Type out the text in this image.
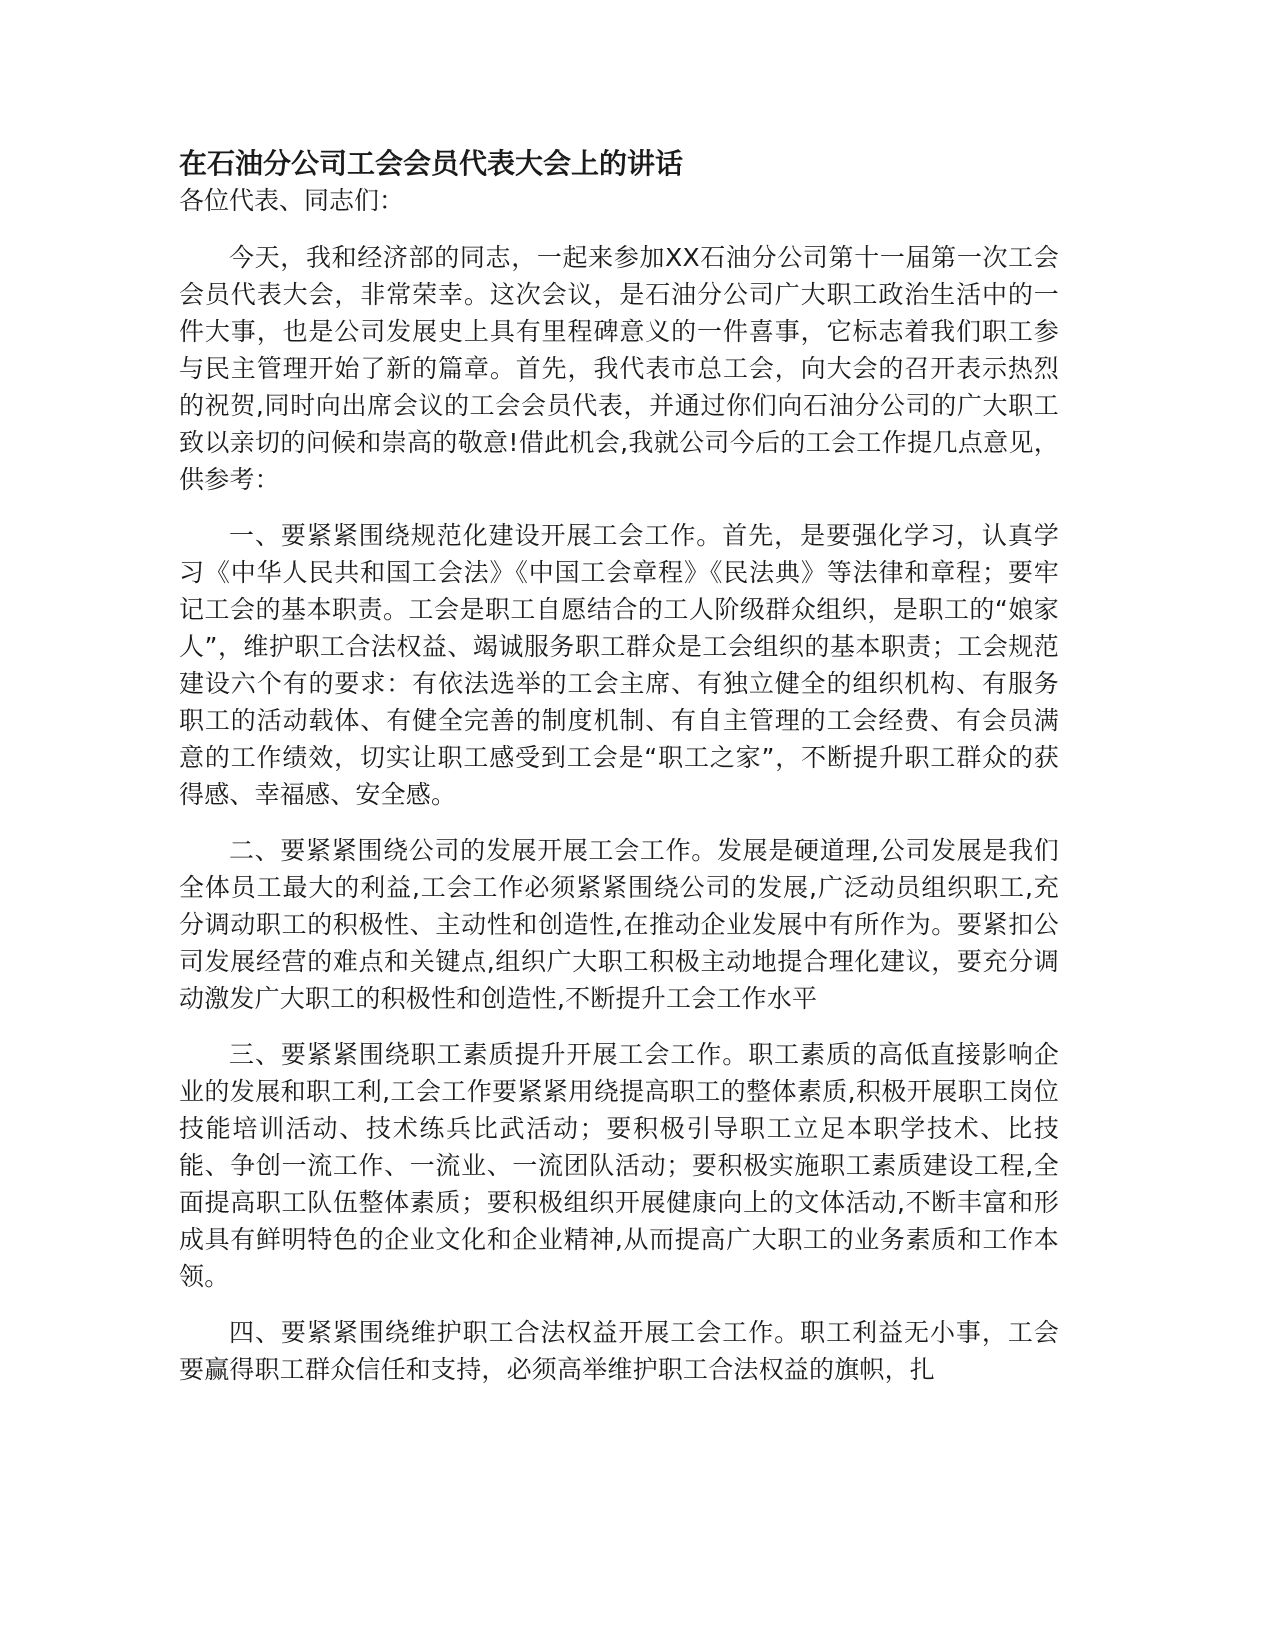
在石油分公司工会会员代表大会上的讲话

各位代表、同志们：

今天，我和经济部的同志，一起来参加XX石油分公司第十一届第一次工会会员代表大会，非常荣幸。这次会议，是石油分公司广大职工政治生活中的一件大事，也是公司发展史上具有里程碑意义的一件喜事，它标志着我们职工参与民主管理开始了新的篇章。首先，我代表市总工会，向大会的召开表示热烈的祝贺,同时向出席会议的工会会员代表，并通过你们向石油分公司的广大职工致以亲切的问候和崇高的敬意!借此机会,我就公司今后的工会工作提几点意见，供参考：

一、要紧紧围绕规范化建设开展工会工作。首先，是要强化学习，认真学习《中华人民共和国工会法》《中国工会章程》《民法典》等法律和章程；要牢记工会的基本职责。工会是职工自愿结合的工人阶级群众组织，是职工的“娘家人”，维护职工合法权益、竭诚服务职工群众是工会组织的基本职责；工会规范建设六个有的要求：有依法选举的工会主席、有独立健全的组织机构、有服务职工的活动载体、有健全完善的制度机制、有自主管理的工会经费、有会员满意的工作绩效，切实让职工感受到工会是“职工之家”，不断提升职工群众的获得感、幸福感、安全感。

二、要紧紧围绕公司的发展开展工会工作。发展是硬道理,公司发展是我们全体员工最大的利益,工会工作必须紧紧围绕公司的发展,广泛动员组织职工,充分调动职工的积极性、主动性和创造性,在推动企业发展中有所作为。要紧扣公司发展经营的难点和关键点,组织广大职工积极主动地提合理化建议，要充分调动激发广大职工的积极性和创造性,不断提升工会工作水平

三、要紧紧围绕职工素质提升开展工会工作。职工素质的高低直接影响企业的发展和职工利,工会工作要紧紧用绕提高职工的整体素质,积极开展职工岗位技能培训活动、技术练兵比武活动；要积极引导职工立足本职学技术、比技能、争创一流工作、一流业、一流团队活动；要积极实施职工素质建设工程,全面提高职工队伍整体素质；要积极组织开展健康向上的文体活动,不断丰富和形成具有鲜明特色的企业文化和企业精神,从而提高广大职工的业务素质和工作本领。

四、要紧紧围绕维护职工合法权益开展工会工作。职工利益无小事，工会要赢得职工群众信任和支持，必须高举维护职工合法权益的旗帜，扎
